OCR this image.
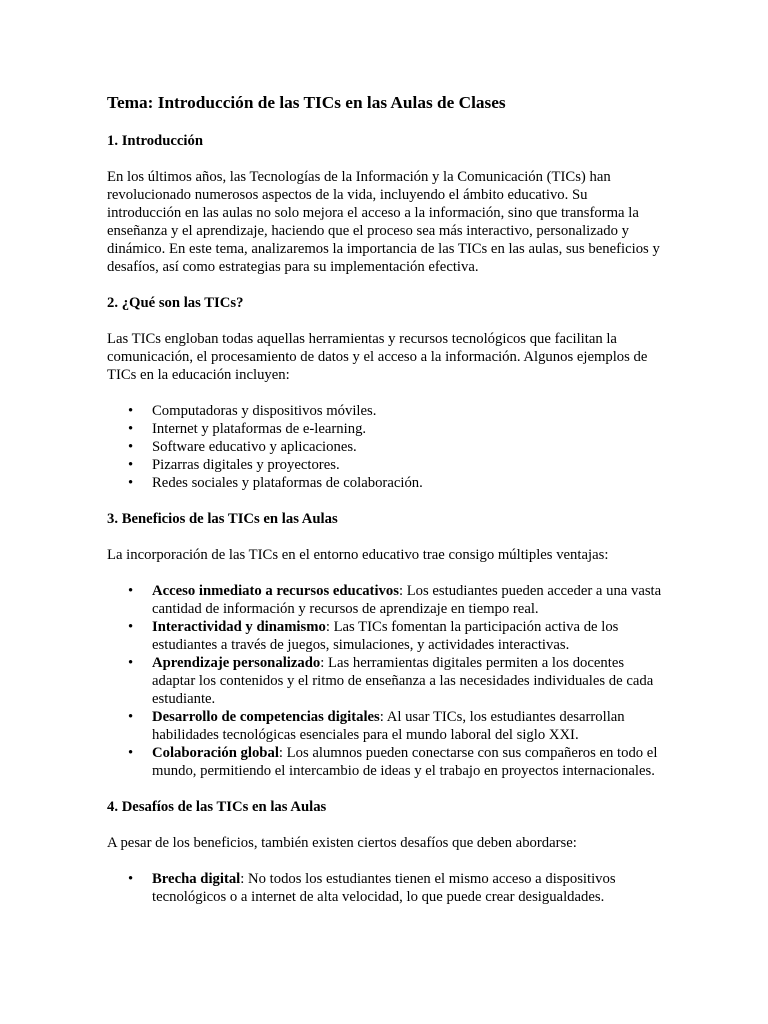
Tema: Introducción de las TICs en las Aulas de Clases
1. Introducción

En los últimos años, las Tecnologías de la Información y la Comunicación (TICs) han revolucionado numerosos aspectos de la vida, incluyendo el ámbito educativo. Su introducción en las aulas no solo mejora el acceso a la información, sino que transforma la enseñanza y el aprendizaje, haciendo que el proceso sea más interactivo, personalizado y dinámico. En este tema, analizaremos la importancia de las TICs en las aulas, sus beneficios y desafíos, así como estrategias para su implementación efectiva.

2. ¿Qué son las TICs?

Las TICs engloban todas aquellas herramientas y recursos tecnológicos que facilitan la comunicación, el procesamiento de datos y el acceso a la información. Algunos ejemplos de TICs en la educación incluyen:

• Computadoras y dispositivos móviles.
• Internet y plataformas de e-learning.
• Software educativo y aplicaciones.
• Pizarras digitales y proyectores.
• Redes sociales y plataformas de colaboración.
3. Beneficios de las TICs en las Aulas

La incorporación de las TICs en el entorno educativo trae consigo múltiples ventajas:

• Acceso inmediato a recursos educativos: Los estudiantes pueden acceder a una vasta cantidad de información y recursos de aprendizaje en tiempo real.
• Interactividad y dinamismo: Las TICs fomentan la participación activa de los estudiantes a través de juegos, simulaciones, y actividades interactivas.
• Aprendizaje personalizado: Las herramientas digitales permiten a los docentes adaptar los contenidos y el ritmo de enseñanza a las necesidades individuales de cada estudiante.
• Desarrollo de competencias digitales: Al usar TICs, los estudiantes desarrollan habilidades tecnológicas esenciales para el mundo laboral del siglo XXI.
• Colaboración global: Los alumnos pueden conectarse con sus compañeros en todo el mundo, permitiendo el intercambio de ideas y el trabajo en proyectos internacionales.
4. Desafíos de las TICs en las Aulas

A pesar de los beneficios, también existen ciertos desafíos que deben abordarse:

• Brecha digital: No todos los estudiantes tienen el mismo acceso a dispositivos tecnológicos o a internet de alta velocidad, lo que puede crear desigualdades.
